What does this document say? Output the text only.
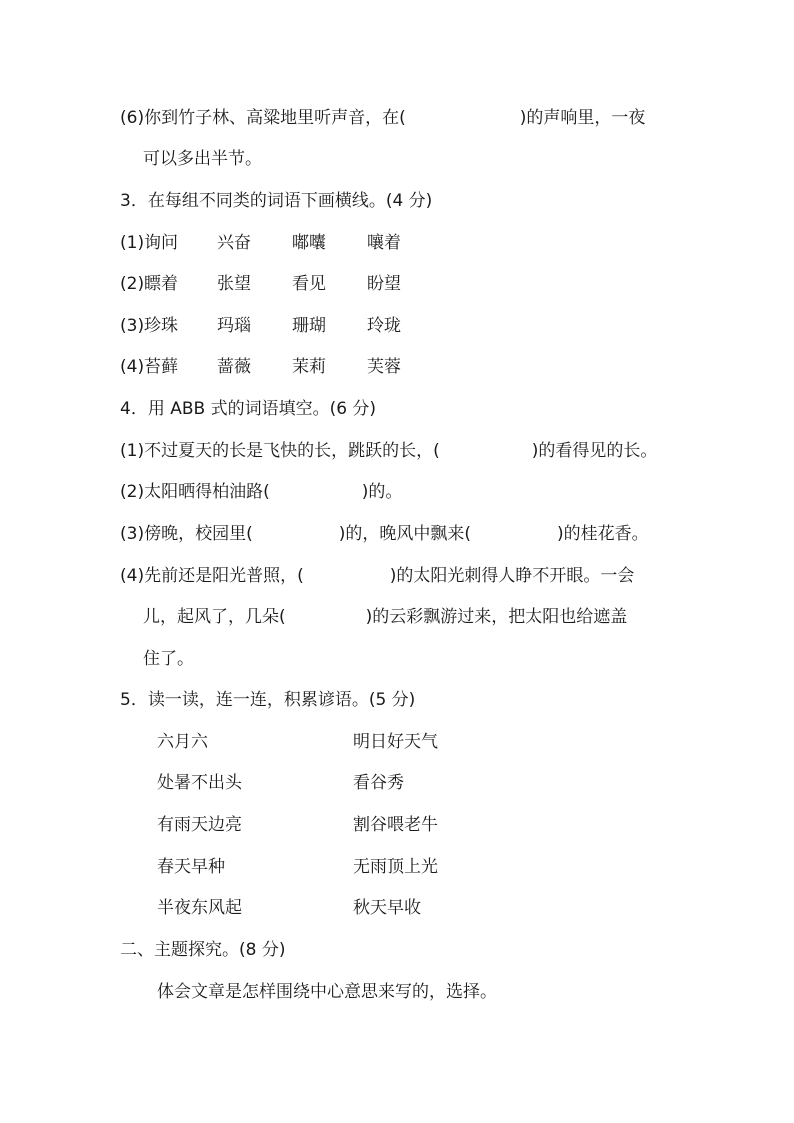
(6)你到竹子林、高粱地里听声音，在(	)的声响里，一夜
可以多出半节。
3．在每组不同类的词语下画横线。(4 分)
(1) 询问 兴奋 嘟囔 嚷着
(2) 瞟着 张望 看见 盼望
(3) 珍珠 玛瑙 珊瑚 玲珑
(4) 苔藓 蔷薇 茉莉 芙蓉
4．用 ABB 式的词语填空。(6 分)
(1)不过夏天的长是飞快的长，跳跃的长，(	)的看得见的长。
(2)太阳晒得柏油路(	)的。
(3)傍晚，校园里(	)的，晚风中飘来(	)的桂花香。
(4)先前还是阳光普照，(	)的太阳光刺得人睁不开眼。一会
儿，起风了，几朵(	)的云彩飘游过来，把太阳也给遮盖
住了。
5．读一读，连一连，积累谚语。(5 分)
六月六
处暑不出头
有雨天边亮
春天早种
半夜东风起
明日好天气
看谷秀
割谷喂老牛
无雨顶上光
秋天早收
二、主题探究。(8 分)
体会文章是怎样围绕中心意思来写的，选择。
